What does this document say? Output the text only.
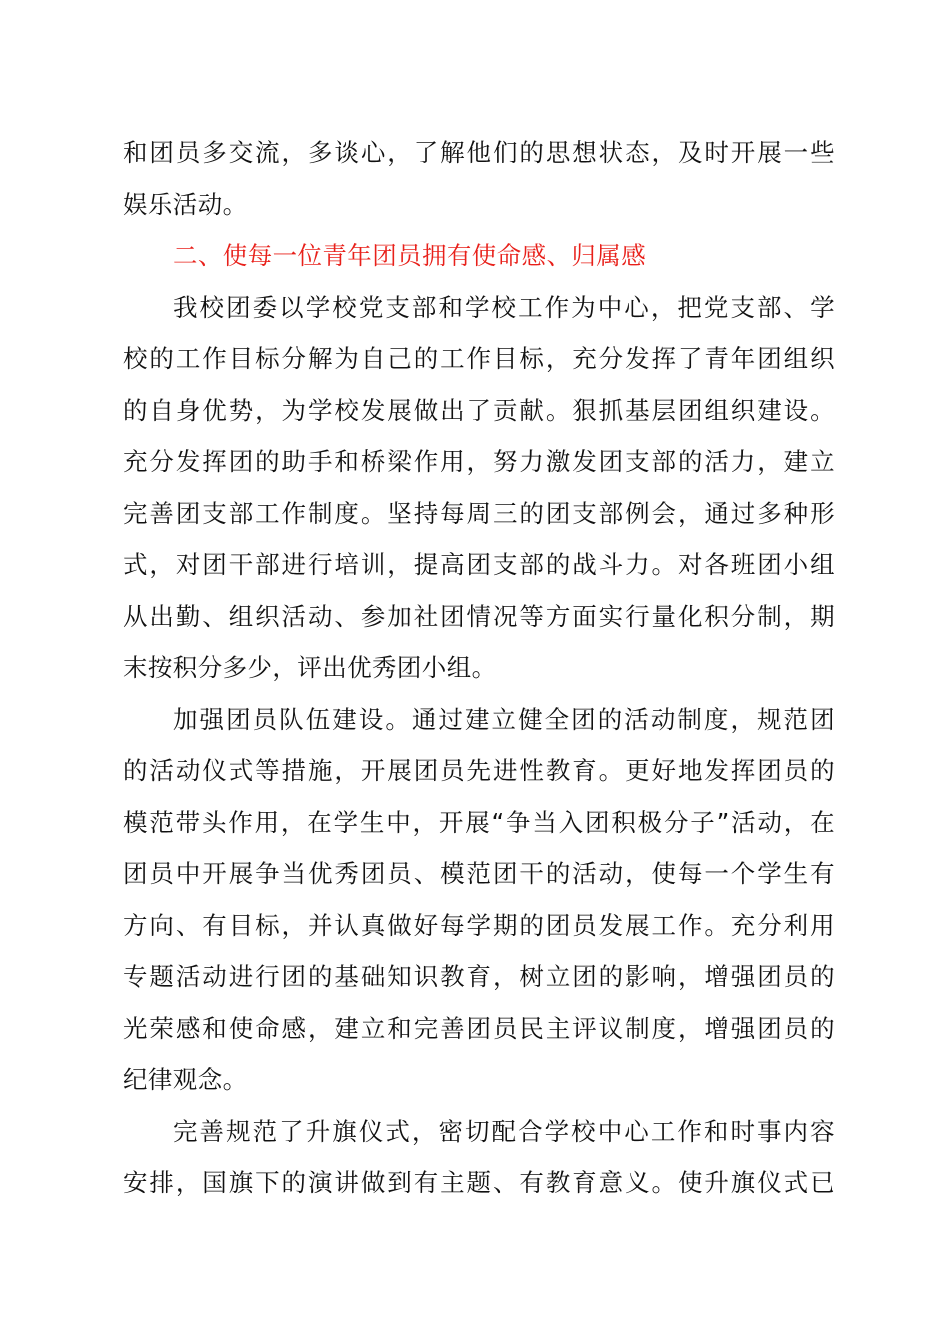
和团员多交流，多谈心，了解他们的思想状态，及时开展一些
娱乐活动。
二、使每一位青年团员拥有使命感、归属感
我校团委以学校党支部和学校工作为中心，把党支部、学
校的工作目标分解为自己的工作目标，充分发挥了青年团组织
的自身优势，为学校发展做出了贡献。狠抓基层团组织建设。
充分发挥团的助手和桥梁作用，努力激发团支部的活力，建立
完善团支部工作制度。坚持每周三的团支部例会，通过多种形
式，对团干部进行培训，提高团支部的战斗力。对各班团小组
从出勤、组织活动、参加社团情况等方面实行量化积分制，期
末按积分多少，评出优秀团小组。
加强团员队伍建设。通过建立健全团的活动制度，规范团
的活动仪式等措施，开展团员先进性教育。更好地发挥团员的
模范带头作用，在学生中，开展“争当入团积极分子”活动，在
团员中开展争当优秀团员、模范团干的活动，使每一个学生有
方向、有目标，并认真做好每学期的团员发展工作。充分利用
专题活动进行团的基础知识教育，树立团的影响，增强团员的
光荣感和使命感，建立和完善团员民主评议制度，增强团员的
纪律观念。
完善规范了升旗仪式，密切配合学校中心工作和时事内容
安排，国旗下的演讲做到有主题、有教育意义。使升旗仪式已
